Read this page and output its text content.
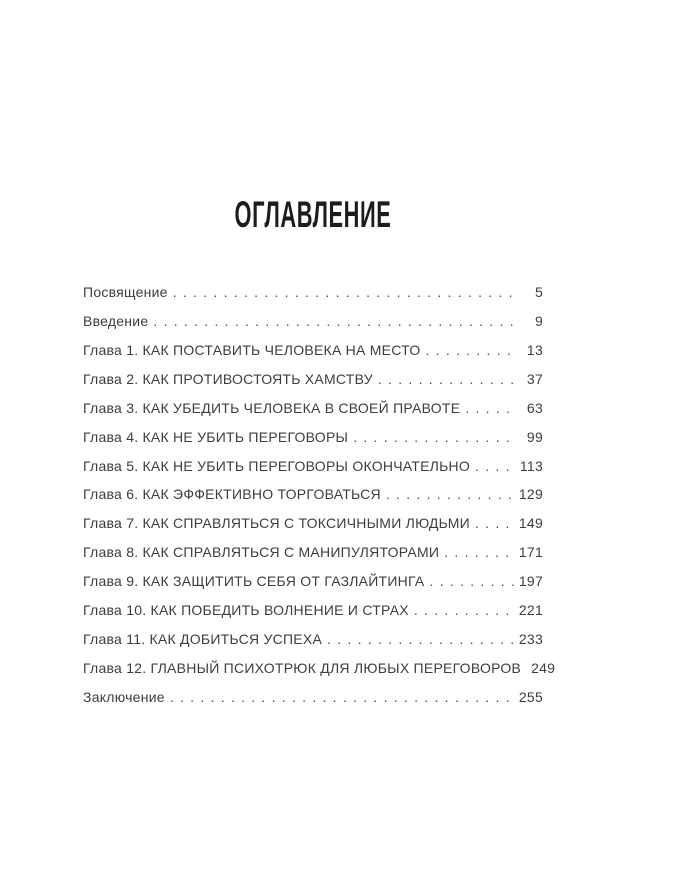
ОГЛАВЛЕНИЕ
Посвящение . . .	5
Введение . . .	9
Глава 1. КАК ПОСТАВИТЬ ЧЕЛОВЕКА НА МЕСТО . . .	13
Глава 2. КАК ПРОТИВОСТОЯТЬ ХАМСТВУ . . .	37
Глава 3. КАК УБЕДИТЬ ЧЕЛОВЕКА В СВОЕЙ ПРАВОТЕ . . .	63
Глава 4. КАК НЕ УБИТЬ ПЕРЕГОВОРЫ . . .	99
Глава 5. КАК НЕ УБИТЬ ПЕРЕГОВОРЫ ОКОНЧАТЕЛЬНО . . .	113
Глава 6. КАК ЭФФЕКТИВНО ТОРГОВАТЬСЯ . . .	129
Глава 7. КАК СПРАВЛЯТЬСЯ С ТОКСИЧНЫМИ ЛЮДЬМИ . . .	149
Глава 8. КАК СПРАВЛЯТЬСЯ С МАНИПУЛЯТОРАМИ . . .	171
Глава 9. КАК ЗАЩИТИТЬ СЕБЯ ОТ ГАЗЛАЙТИНГА . . .	197
Глава 10. КАК ПОБЕДИТЬ ВОЛНЕНИЕ И СТРАХ . . .	221
Глава 11. КАК ДОБИТЬСЯ УСПЕХА . . .	233
Глава 12. ГЛАВНЫЙ ПСИХОТРЮК ДЛЯ ЛЮБЫХ ПЕРЕГОВОРОВ . . . 249
Заключение . . .	255
